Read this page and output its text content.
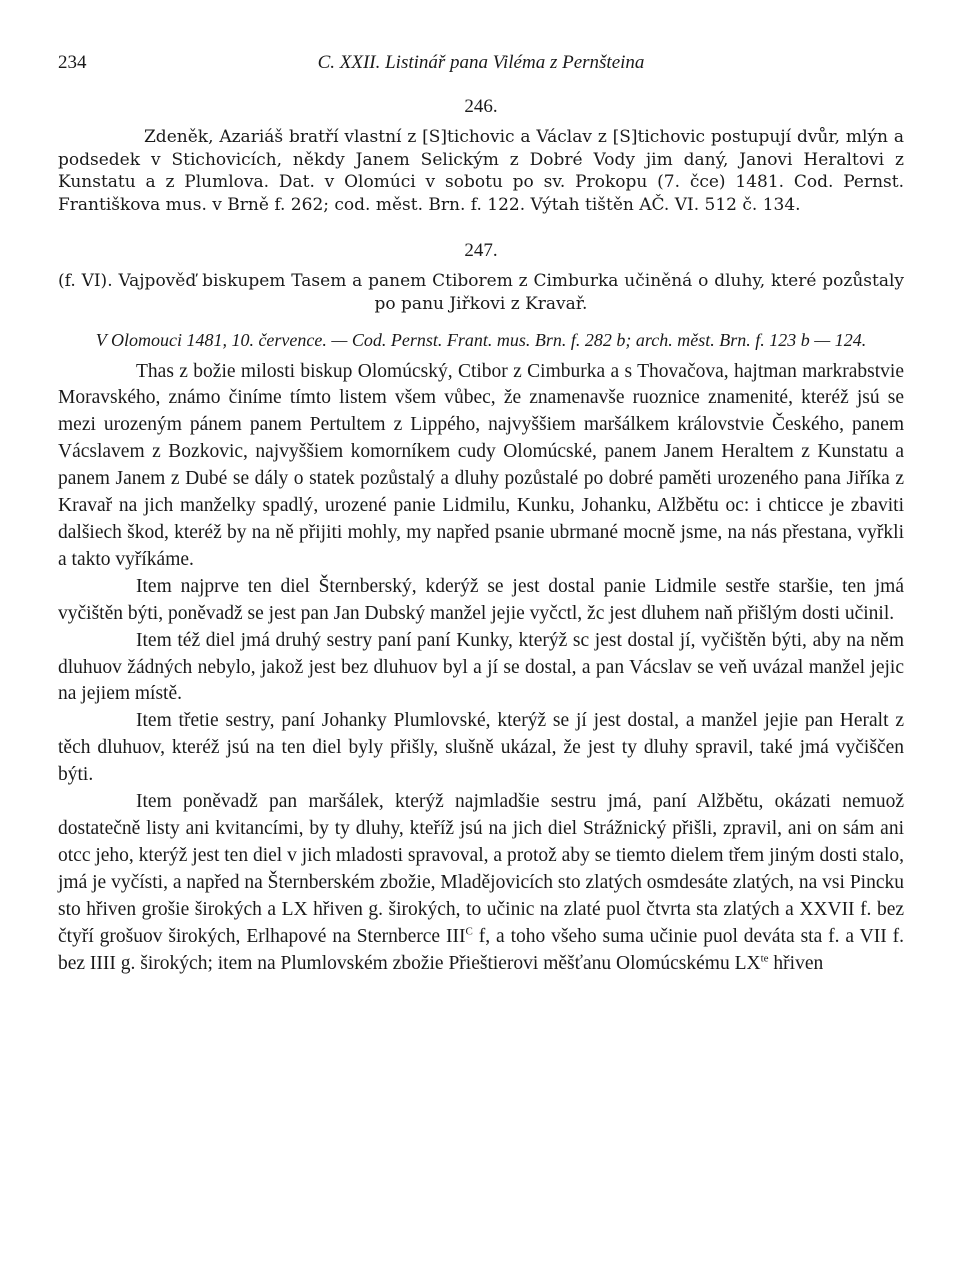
234	C. XXII. Listinář pana Viléma z Pernšteina
246.

Zdeněk, Azariáš bratří vlastní z [S]tichovic a Václav z [S]tichovic postupují dvůr, mlýn a podsedek v Stichovicích, někdy Janem Selickým z Dobré Vody jim daný, Janovi Heraltovi z Kunstatu a z Plumlova. Dat. v Olomúci v sobotu po sv. Prokopu (7. čce) 1481. Cod. Pernst. Františkova mus. v Brně f. 262; cod. měst. Brn. f. 122. Výtah tištěn AČ. VI. 512 č. 134.

247.

(f. VI). Vajpověď biskupem Tasem a panem Ctiborem z Cimburka učiněná o dluhy, které pozůstaly po panu Jiřkovi z Kravař.

V Olomouci 1481, 10. července. — Cod. Pernst. Frant. mus. Brn. f. 282 b; arch. měst. Brn. f. 123 b — 124.

Thas z božie milosti biskup Olomúcský, Ctibor z Cimburka a s Thovačova, hajtman markrabstvie Moravského, známo činíme tímto listem všem vůbec, že znamenavše ruoznice znamenité, kteréž jsú se mezi urozeným pánem panem Pertultem z Lippého, najvyššiem maršálkem královstvie Českého, panem Vácslavem z Bozkovic, najvyššiem komorníkem cudy Olomúcské, panem Janem Heraltem z Kunstatu a panem Janem z Dubé se dály o statek pozůstalý a dluhy pozůstalé po dobré paměti urozeného pana Jiříka z Kravař na jich manželky spadlý, urozené panie Lidmilu, Kunku, Johanku, Alžbětu oc: i chticce je zbaviti dalšiech škod, kteréž by na ně přijiti mohly, my napřed psanie ubrmané mocně jsme, na nás přestana, vyřkli a takto vyříkáme.

Item najprve ten diel Šternberský, kderýž se jest dostal panie Lidmile sestře staršie, ten jmá vyčištěn býti, poněvadž se jest pan Jan Dubský manžel jejie vyčctl, žc jest dluhem naň přišlým dosti učinil.

Item též diel jmá druhý sestry paní paní Kunky, kterýž sc jest dostal jí, vyčištěn býti, aby na něm dluhuov žádných nebylo, jakož jest bez dluhuov byl a jí se dostal, a pan Vácslav se veň uvázal manžel jejic na jejiem místě.

Item třetie sestry, paní Johanky Plumlovské, kterýž se jí jest dostal, a manžel jejie pan Heralt z těch dluhuov, kteréž jsú na ten diel byly přišly, slušně ukázal, že jest ty dluhy spravil, také jmá vyčiščen býti.

Item poněvadž pan maršálek, kterýž najmladšie sestru jmá, paní Alžbětu, okázati nemuož dostatečně listy ani kvitancími, by ty dluhy, kteříž jsú na jich diel Strážnický přišli, zpravil, ani on sám ani otcc jeho, kterýž jest ten diel v jich mladosti spravoval, a protož aby se tiemto dielem třem jiným dosti stalo, jmá je vyčísti, a napřed na Šternberském zbožie, Mladějovicích sto zlatých osmdesáte zlatých, na vsi Pincku sto hřiven grošie širokých a LX hřiven g. širokých, to učinic na zlaté puol čtvrta sta zlatých a XXVII f. bez čtyří grošuov širokých, Erlhapové na Sternberce $III^C$ f, a toho všeho suma učinie puol deváta sta f. a VII f. bez IIII g. širokých; item na Plumlovském zbožie Přieštierovi měšťanu Olomúcskému $LX^{te}$ hřiven
